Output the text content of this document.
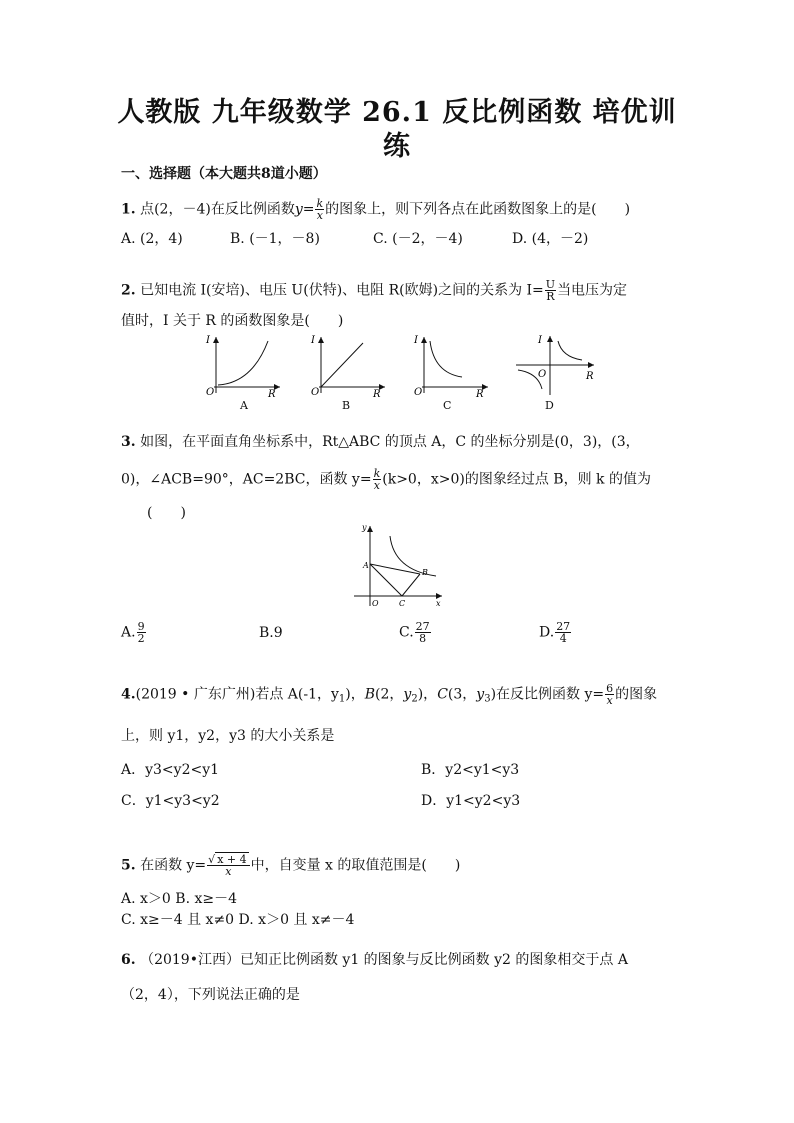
人教版 九年级数学 26.1 反比例函数 培优训
练
一、选择题（本大题共8道小题）
1. 点(2，－4)在反比例函数$y= \frac{k}{x}$ 的图象上，则下列各点在此函数图象上的是(　　)
A. (2，4)	B. (－1，－8)	C. (－2，－4)	D. (4，－2)
2. 已知电流 I(安培)、电压 U(伏特)、电阻 R(欧姆)之间的关系为 $I= \frac{U}{R}$ 当电压为定
值时，I 关于 R 的函数图象是(　　)
I
O	R
A
I
O	R
B
I
O	R
C
I
O	R
D
3. 如图，在平面直角坐标系中，Rt△ABC 的顶点 A，C 的坐标分别是(0，3)，(3，
0)，∠ACB=90°，AC=2BC，函数 $y= \frac{k}{x} (k>0$，x>0)的图象经过点 B，则 k 的值为
(　　)
y
A
B
O	C	x
A. $\frac{9}{2}$	B.9	C. $\frac{27}{8}$	D. $\frac{27}{4}$
4.(2019 • 广东广州)若点 A(-1，$y_1$)，B(2，$y_2$)，C(3，$y_3$)在反比例函数 $y= \frac{6}{x}$ 的图象
上，则 y1，y2，y3 的大小关系是
A．y3<y2<y1	B．y2<y1<y3
C．y1<y3<y2	D．y1<y2<y3
5. 在函数 $y= \frac{√ x + 4}{x}$ 中，自变量 x 的取值范围是(　　)
A. x＞0 B. x≥－4
C. x≥－4 且 x≠0 D. x＞0 且 x≠－4
6. （2019•江西）已知正比例函数 y1 的图象与反比例函数 y2 的图象相交于点 A
（2，4），下列说法正确的是
